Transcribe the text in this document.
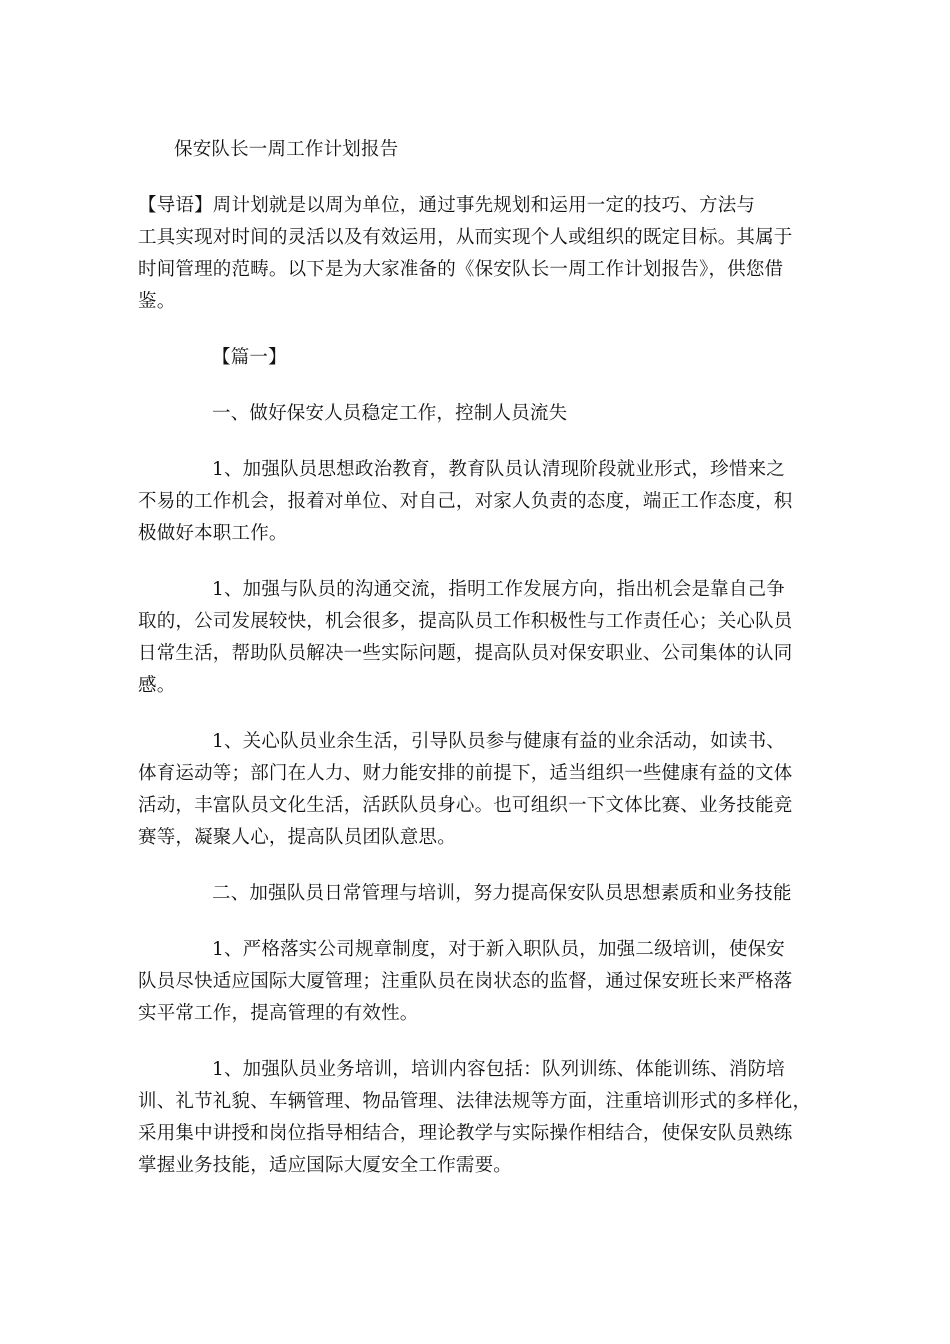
保安队长一周工作计划报告
【导语】周计划就是以周为单位，通过事先规划和运用一定的技巧、方法与
工具实现对时间的灵活以及有效运用，从而实现个人或组织的既定目标。其属于
时间管理的范畴。以下是为大家准备的《保安队长一周工作计划报告》，供您借
鉴。
【篇一】
一、做好保安人员稳定工作，控制人员流失
1、加强队员思想政治教育，教育队员认清现阶段就业形式，珍惜来之
不易的工作机会，报着对单位、对自己，对家人负责的态度，端正工作态度，积
极做好本职工作。
1、加强与队员的沟通交流，指明工作发展方向，指出机会是靠自己争
取的，公司发展较快，机会很多，提高队员工作积极性与工作责任心；关心队员
日常生活，帮助队员解决一些实际问题，提高队员对保安职业、公司集体的认同
感。
1、关心队员业余生活，引导队员参与健康有益的业余活动，如读书、
体育运动等；部门在人力、财力能安排的前提下，适当组织一些健康有益的文体
活动，丰富队员文化生活，活跃队员身心。也可组织一下文体比赛、业务技能竞
赛等，凝聚人心，提高队员团队意思。
二、加强队员日常管理与培训，努力提高保安队员思想素质和业务技能
1、严格落实公司规章制度，对于新入职队员，加强二级培训，使保安
队员尽快适应国际大厦管理；注重队员在岗状态的监督，通过保安班长来严格落
实平常工作，提高管理的有效性。
1、加强队员业务培训，培训内容包括：队列训练、体能训练、消防培
训、礼节礼貌、车辆管理、物品管理、法律法规等方面，注重培训形式的多样化，
采用集中讲授和岗位指导相结合，理论教学与实际操作相结合，使保安队员熟练
掌握业务技能，适应国际大厦安全工作需要。
